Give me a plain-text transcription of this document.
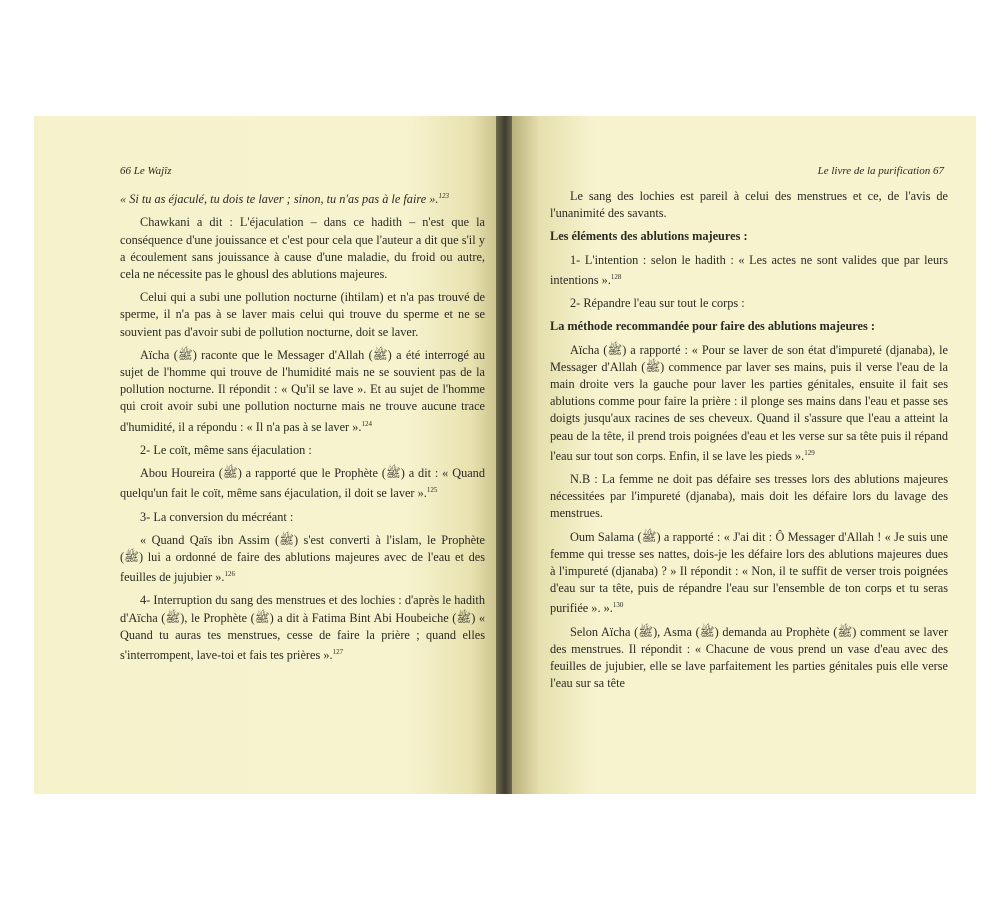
66 Le Wajîz

« Si tu as éjaculé, tu dois te laver ; sinon, tu n'as pas à le faire ».$^{123}$

Chawkani a dit : L'éjaculation – dans ce hadith – n'est que la conséquence d'une jouissance et c'est pour cela que l'auteur a dit que s'il y a écoulement sans jouissance à cause d'une maladie, du froid ou autre, cela ne nécessite pas le ghousl des ablutions majeures.

Celui qui a subi une pollution nocturne (ihtilam) et n'a pas trouvé de sperme, il n'a pas à se laver mais celui qui trouve du sperme et ne se souvient pas d'avoir subi de pollution nocturne, doit se laver.

Aïcha (ﷺ) raconte que le Messager d'Allah (ﷺ) a été interrogé au sujet de l'homme qui trouve de l'humidité mais ne se souvient pas de la pollution nocturne. Il répondit : « Qu'il se lave ». Et au sujet de l'homme qui croit avoir subi une pollution nocturne mais ne trouve aucune trace d'humidité, il a répondu : « Il n'a pas à se laver ».$^{124}$

2- Le coït, même sans éjaculation :

Abou Houreira (ﷺ) a rapporté que le Prophète (ﷺ) a dit : « Quand quelqu'un fait le coït, même sans éjaculation, il doit se laver ».$^{125}$

3- La conversion du mécréant :

« Quand Qaïs ibn Assim (ﷺ) s'est converti à l'islam, le Prophète (ﷺ) lui a ordonné de faire des ablutions majeures avec de l'eau et des feuilles de jujubier ».$^{126}$

4- Interruption du sang des menstrues et des lochies : d'après le hadith d'Aïcha (ﷺ), le Prophète (ﷺ) a dit à Fatima Bint Abi Houbeiche (ﷺ) « Quand tu auras tes menstrues, cesse de faire la prière ; quand elles s'interrompent, lave-toi et fais tes prières ».$^{127}$

Le livre de la purification 67

Le sang des lochies est pareil à celui des menstrues et ce, de l'avis de l'unanimité des savants.

Les éléments des ablutions majeures :

1- L'intention : selon le hadith : « Les actes ne sont valides que par leurs intentions ».$^{128}$

2- Répandre l'eau sur tout le corps :

La méthode recommandée pour faire des ablutions majeures :

Aïcha (ﷺ) a rapporté : « Pour se laver de son état d'impureté (djanaba), le Messager d'Allah (ﷺ) commence par laver ses mains, puis il verse l'eau de la main droite vers la gauche pour laver les parties génitales, ensuite il fait ses ablutions comme pour faire la prière : il plonge ses mains dans l'eau et passe ses doigts jusqu'aux racines de ses cheveux. Quand il s'assure que l'eau a atteint la peau de la tête, il prend trois poignées d'eau et les verse sur sa tête puis il répand l'eau sur tout son corps. Enfin, il se lave les pieds ».$^{129}$

N.B : La femme ne doit pas défaire ses tresses lors des ablutions majeures nécessitées par l'impureté (djanaba), mais doit les défaire lors du lavage des menstrues.

Oum Salama (ﷺ) a rapporté : « J'ai dit : Ô Messager d'Allah ! « Je suis une femme qui tresse ses nattes, dois-je les défaire lors des ablutions majeures dues à l'impureté (djanaba) ? » Il répondit : « Non, il te suffit de verser trois poignées d'eau sur ta tête, puis de répandre l'eau sur l'ensemble de ton corps et tu seras purifiée ». ».$^{130}$

Selon Aïcha (ﷺ), Asma (ﷺ) demanda au Prophète (ﷺ) comment se laver des menstrues. Il répondit : « Chacune de vous prend un vase d'eau avec des feuilles de jujubier, elle se lave parfaitement les parties génitales puis elle verse l'eau sur sa tête
